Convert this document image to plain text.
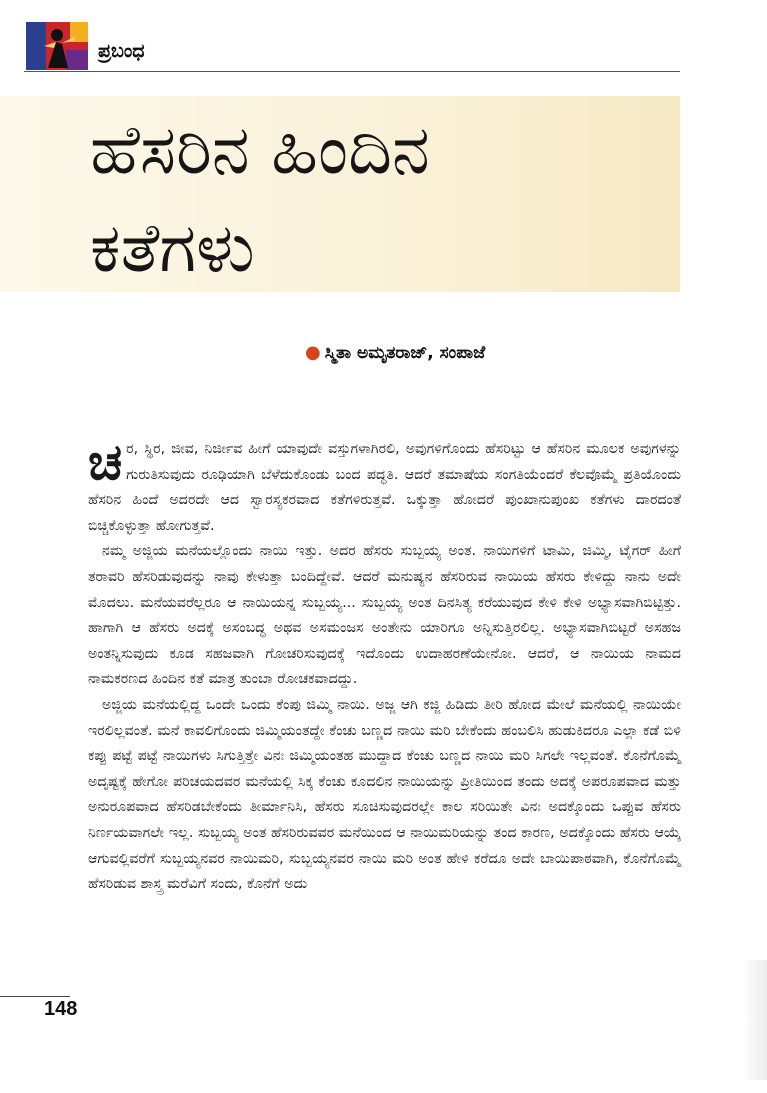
ಪ್ರಬಂಧ
ಹೆಸರಿನ ಹಿಂದಿನ
ಕತೆಗಳು
● ಸ್ಮಿತಾ ಅಮೃತರಾಜ್, ಸಂಪಾಜೆ

ಚರ, ಸ್ಥಿರ, ಜೀವ, ನಿರ್ಜೀವ ಹೀಗೆ ಯಾವುದೇ ವಸ್ತುಗಳಾಗಿರಲಿ, ಅವುಗಳಿಗೊಂದು ಹೆಸರಿಟ್ಟು ಆ ಹೆಸರಿನ ಮೂಲಕ ಅವುಗಳನ್ನು ಗುರುತಿಸುವುದು ರೂಢಿಯಾಗಿ ಬೆಳೆದುಕೊಂಡು ಬಂದ ಪದ್ಧತಿ. ಆದರೆ ತಮಾಷೆಯ ಸಂಗತಿಯೆಂದರೆ ಕೆಲವೊಮ್ಮೆ ಪ್ರತಿಯೊಂದು ಹೆಸರಿನ ಹಿಂದೆ ಅದರದೇ ಆದ ಸ್ವಾರಸ್ಯಕರವಾದ ಕತೆಗಳಿರುತ್ತವೆ. ಒಕ್ಕುತ್ತಾ ಹೋದರೆ ಪುಂಖಾನುಪುಂಖ ಕತೆಗಳು ದಾರದಂತೆ ಬಿಚ್ಚಿಕೊಳ್ಳುತ್ತಾ ಹೋಗುತ್ತವೆ.

ನಮ್ಮ ಅಜ್ಜಿಯ ಮನೆಯಲ್ಲೊಂದು ನಾಯಿ ಇತ್ತು. ಅದರ ಹೆಸರು ಸುಬ್ಬಯ್ಯ ಅಂತ. ನಾಯಿಗಳಿಗೆ ಟಾಮಿ, ಜಿಮ್ಮಿ, ಟೈಗರ್ ಹೀಗೆ ತರಾವರಿ ಹೆಸರಿಡುವುದನ್ನು ನಾವು ಕೇಳುತ್ತಾ ಬಂದಿದ್ದೇವೆ. ಆದರೆ ಮನುಷ್ಯನ ಹೆಸರಿರುವ ನಾಯಿಯ ಹೆಸರು ಕೇಳಿದ್ದು ನಾನು ಅದೇ ಮೊದಲು. ಮನೆಯವರೆಲ್ಲರೂ ಆ ನಾಯಿಯನ್ನ ಸುಬ್ಬಯ್ಯ... ಸುಬ್ಬಯ್ಯ ಅಂತ ದಿನಸಿತ್ಯ ಕರೆಯುವುದ ಕೇಳಿ ಕೇಳಿ ಅಭ್ಯಾಸವಾಗಿಬಿಟ್ಟಿತ್ತು. ಹಾಗಾಗಿ ಆ ಹೆಸರು ಅದಕ್ಕೆ ಅಸಂಬದ್ಧ ಅಥವ ಅಸಮಂಜಸ ಅಂತೇನು ಯಾರಿಗೂ ಅನ್ನಿಸುತ್ತಿರಲಿಲ್ಲ. ಅಭ್ಯಾಸವಾಗಿಬಿಟ್ಟರೆ ಅಸಹಜ ಅಂತನ್ನಿಸುವುದು ಕೂಡ ಸಹಜವಾಗಿ ಗೋಚರಿಸುವುದಕ್ಕೆ ಇದೊಂದು ಉದಾಹರಣೆಯೇನೋ. ಆದರೆ, ಆ ನಾಯಿಯ ನಾಮದ ನಾಮಕರಣದ ಹಿಂದಿನ ಕತೆ ಮಾತ್ರ ತುಂಬಾ ರೋಚಕವಾದದ್ದು.

ಅಜ್ಜಿಯ ಮನೆಯಲ್ಲಿದ್ದ ಒಂದೇ ಒಂದು ಕೆಂಪು ಜಿಮ್ಮಿ ನಾಯಿ. ಅಜ್ಜ ಆಗಿ ಕಜ್ಜಿ ಹಿಡಿದು ತೀರಿ ಹೋದ ಮೇಲೆ ಮನೆಯಲ್ಲಿ ನಾಯಿಯೇ ಇರಲಿಲ್ಲವಂತೆ. ಮನೆ ಕಾವಲಿಗೊಂದು ಜಿಮ್ಮಿಯಂತದ್ದೇ ಕೆಂಚು ಬಣ್ಣದ ನಾಯಿ ಮರಿ ಬೇಕೆಂದು ಹಂಬಲಿಸಿ ಹುಡುಕಿದರೂ ಎಲ್ಲಾ ಕಡೆ ಬಿಳಿ ಕಪ್ಪು ಪಟ್ಟೆ ಪಟ್ಟೆ ನಾಯಿಗಳು ಸಿಗುತ್ತಿತ್ತೇ ವಿನಃ ಜಿಮ್ಮಿಯಂತಹ ಮುದ್ದಾದ ಕೆಂಚು ಬಣ್ಣದ ನಾಯಿ ಮರಿ ಸಿಗಲೇ ಇಲ್ಲವಂತೆ. ಕೊನೆಗೊಮ್ಮೆ ಅದೃಷ್ಟಕ್ಕೆ ಹೇಗೋ ಪರಿಚಯದವರ ಮನೆಯಲ್ಲಿ ಸಿಕ್ಕ ಕೆಂಚು ಕೂದಲಿನ ನಾಯಿಯನ್ನು ಪ್ರೀತಿಯಿಂದ ತಂದು ಅದಕ್ಕೆ ಅಪರೂಪವಾದ ಮತ್ತು ಅನುರೂಪವಾದ ಹೆಸರಿಡಬೇಕೆಂದು ತೀರ್ಮಾನಿಸಿ, ಹೆಸರು ಸೂಚಿಸುವುದರಲ್ಲೇ ಕಾಲ ಸರಿಯಿತೇ ವಿನಃ ಅದಕ್ಕೊಂದು ಒಪ್ಪುವ ಹೆಸರು ನಿರ್ಣಯವಾಗಲೇ ಇಲ್ಲ. ಸುಬ್ಬಯ್ಯ ಅಂತ ಹೆಸರಿರುವವರ ಮನೆಯಿಂದ ಆ ನಾಯಿಮರಿಯನ್ನು ತಂದ ಕಾರಣ, ಅದಕ್ಕೊಂದು ಹೆಸರು ಆಯ್ಕೆ ಆಗುವಲ್ಲಿವರೆಗೆ ಸುಬ್ಬಯ್ಯನವರ ನಾಯಿಮರಿ, ಸುಬ್ಬಯ್ಯನವರ ನಾಯಿ ಮರಿ ಅಂತ ಹೇಳಿ ಕರೆದೂ ಅದೇ ಬಾಯಿಪಾಠವಾಗಿ, ಕೊನೆಗೊಮ್ಮೆ ಹೆಸರಿಡುವ ಶಾಸ್ತ್ರ ಮರೆವಿಗೆ ಸಂದು, ಕೊನೆಗೆ ಅದು

148
